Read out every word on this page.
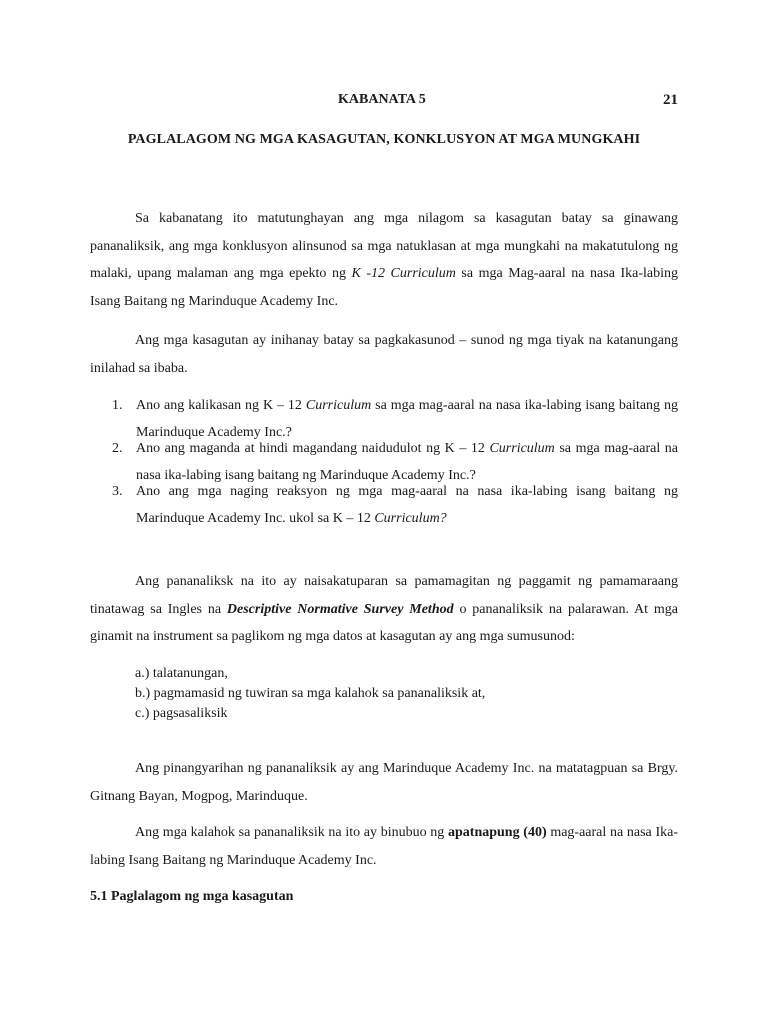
KABANATA 5	21
PAGLALAGOM NG MGA KASAGUTAN, KONKLUSYON AT MGA MUNGKAHI

Sa kabanatang ito matutunghayan ang mga nilagom sa kasagutan batay sa ginawang pananaliksik, ang mga konklusyon alinsunod sa mga natuklasan at mga mungkahi na makatutulong ng malaki, upang malaman ang mga epekto ng K -12 Curriculum sa mga Mag-aaral na nasa Ika-labing Isang Baitang ng Marinduque Academy Inc.

Ang mga kasagutan ay inihanay batay sa pagkakasunod – sunod ng mga tiyak na katanungang inilahad sa ibaba.

1. Ano ang kalikasan ng K – 12 Curriculum sa mga mag-aaral na nasa ika-labing isang baitang ng Marinduque Academy Inc.?
2. Ano ang maganda at hindi magandang naidudulot ng K – 12 Curriculum sa mga mag-aaral na nasa ika-labing isang baitang ng Marinduque Academy Inc.?
3. Ano ang mga naging reaksyon ng mga mag-aaral na nasa ika-labing isang baitang ng Marinduque Academy Inc. ukol sa K – 12 Curriculum?

Ang pananaliksk na ito ay naisakatuparan sa pamamagitan ng paggamit ng pamamaraang tinatawag sa Ingles na Descriptive Normative Survey Method o pananaliksik na palarawan. At mga ginamit na instrument sa paglikom ng mga datos at kasagutan ay ang mga sumusunod:

a.) talatanungan,
b.) pagmamasid ng tuwiran sa mga kalahok sa pananaliksik at,
c.) pagsasaliksik

Ang pinangyarihan ng pananaliksik ay ang Marinduque Academy Inc. na matatagpuan sa Brgy. Gitnang Bayan, Mogpog, Marinduque.

Ang mga kalahok sa pananaliksik na ito ay binubuo ng apatnapung (40) mag-aaral na nasa Ika-labing Isang Baitang ng Marinduque Academy Inc.

5.1 Paglalagom ng mga kasagutan
